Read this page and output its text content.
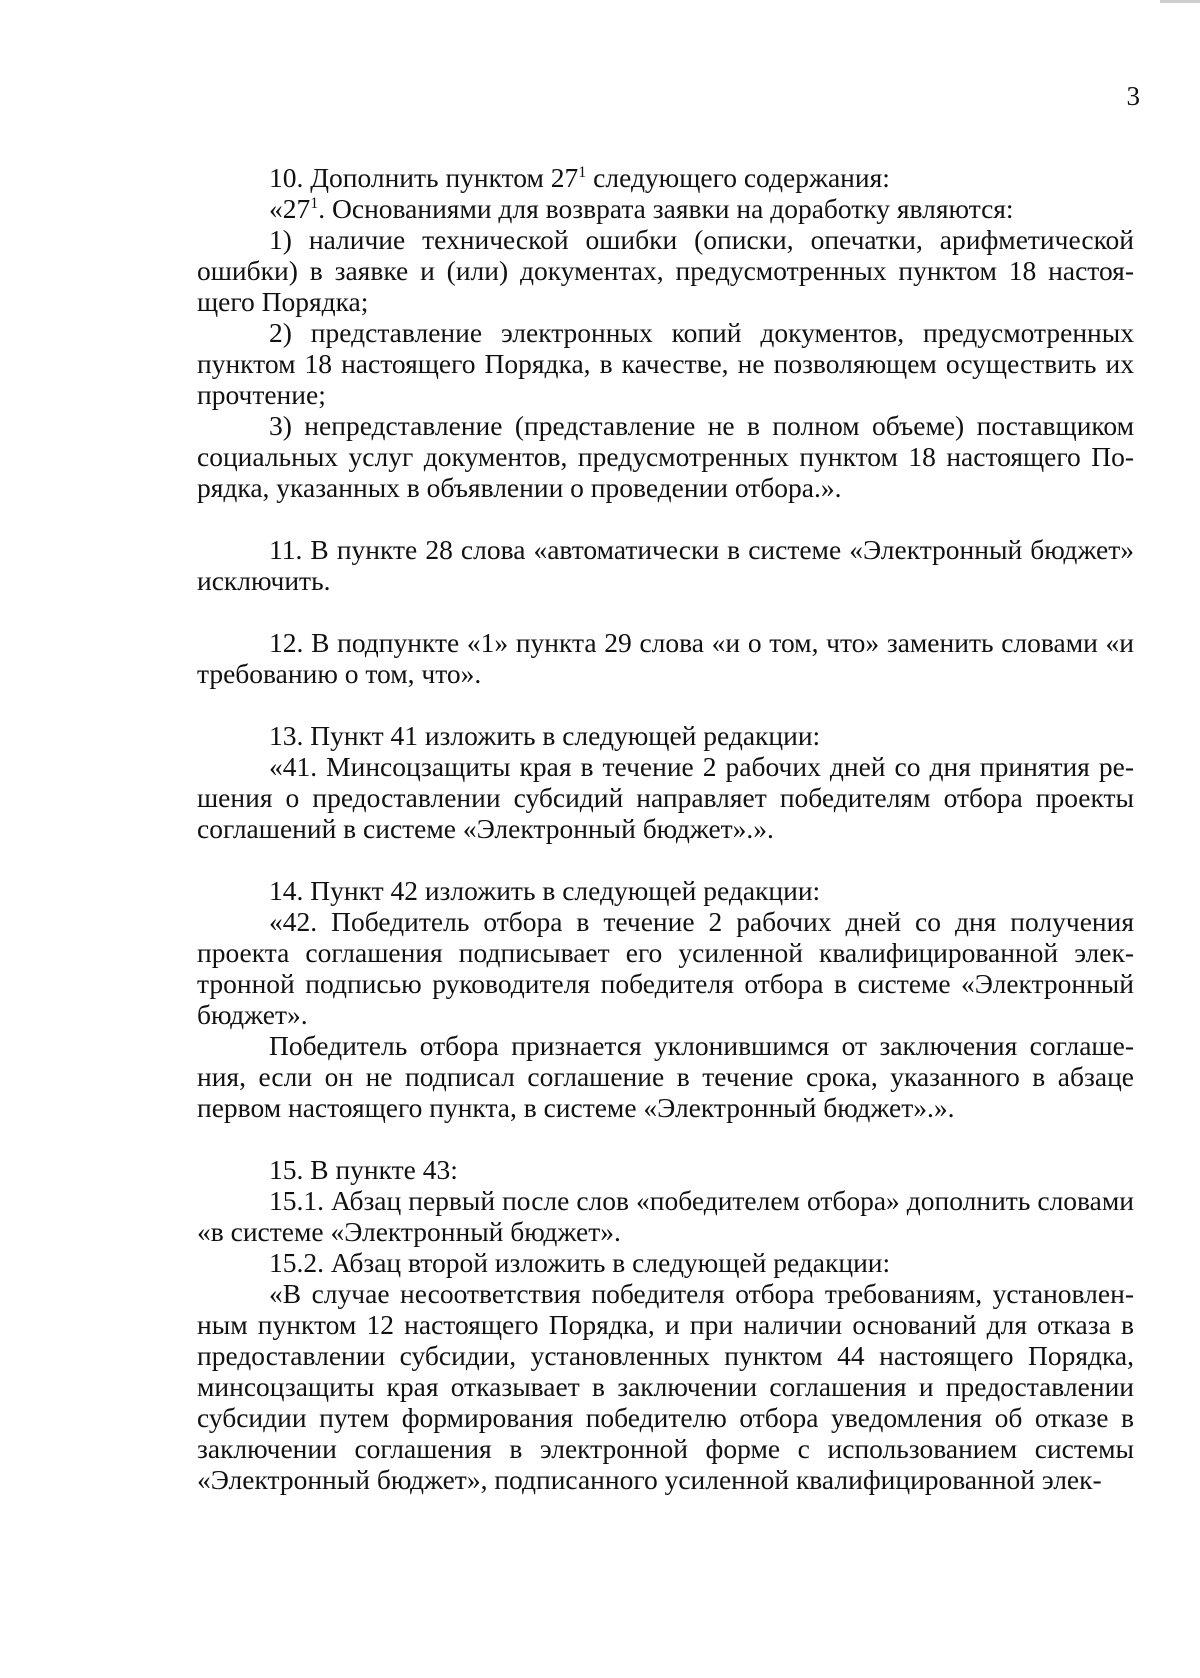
3

10. Дополнить пунктом $27^1$ следующего содержания:

«$27^1$. Основаниями для возврата заявки на доработку являются:

1) наличие технической ошибки (описки, опечатки, арифметической ошибки) в заявке и (или) документах, предусмотренных пунктом 18 настоящего Порядка;

2) представление электронных копий документов, предусмотренных пунктом 18 настоящего Порядка, в качестве, не позволяющем осуществить их прочтение;

3) непредставление (представление не в полном объеме) поставщиком социальных услуг документов, предусмотренных пунктом 18 настоящего Порядка, указанных в объявлении о проведении отбора.».

11. В пункте 28 слова «автоматически в системе «Электронный бюджет» исключить.

12. В подпункте «1» пункта 29 слова «и о том, что» заменить словами «и требованию о том, что».

13. Пункт 41 изложить в следующей редакции:

«41. Минсоцзащиты края в течение 2 рабочих дней со дня принятия решения о предоставлении субсидий направляет победителям отбора проекты соглашений в системе «Электронный бюджет».».

14. Пункт 42 изложить в следующей редакции:

«42. Победитель отбора в течение 2 рабочих дней со дня получения проекта соглашения подписывает его усиленной квалифицированной электронной подписью руководителя победителя отбора в системе «Электронный бюджет».

Победитель отбора признается уклонившимся от заключения соглашения, если он не подписал соглашение в течение срока, указанного в абзаце первом настоящего пункта, в системе «Электронный бюджет».».

15. В пункте 43:

15.1. Абзац первый после слов «победителем отбора» дополнить словами «в системе «Электронный бюджет».

15.2. Абзац второй изложить в следующей редакции:

«В случае несоответствия победителя отбора требованиям, установленным пунктом 12 настоящего Порядка, и при наличии оснований для отказа в предоставлении субсидии, установленных пунктом 44 настоящего Порядка, минсоцзащиты края отказывает в заключении соглашения и предоставлении субсидии путем формирования победителю отбора уведомления об отказе в заключении соглашения в электронной форме с использованием системы «Электронный бюджет», подписанного усиленной квалифицированной элек-
